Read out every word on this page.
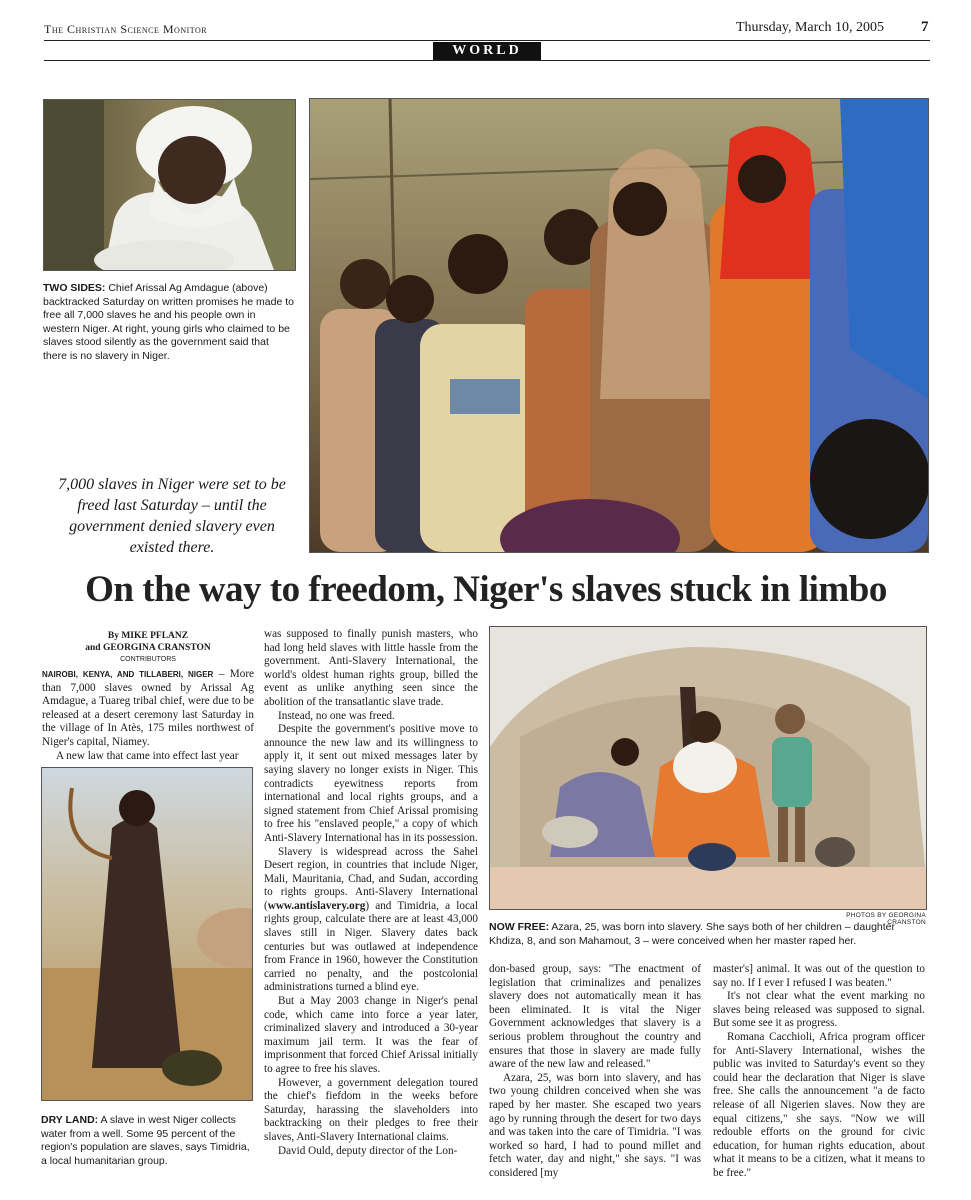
The Christian Science Monitor	Thursday, March 10, 2005 7
WORLD
TWO SIDES: Chief Arissal Ag Amdague (above) backtracked Saturday on written promises he made to free all 7,000 slaves he and his people own in western Niger. At right, young girls who claimed to be slaves stood silently as the government said that there is no slavery in Niger.
7,000 slaves in Niger were set to be freed last Saturday – until the government denied slavery even existed there.
On the way to freedom, Niger's slaves stuck in limbo
By MIKE PFLANZ
and GEORGINA CRANSTON
CONTRIBUTORS

NAIROBI, KENYA, AND TILLABERI, NIGER – More than 7,000 slaves owned by Arissal Ag Amdague, a Tuareg tribal chief, were due to be released at a desert ceremony last Saturday in the village of In Atès, 175 miles northwest of Niger's capital, Niamey.

A new law that came into effect last year

DRY LAND: A slave in west Niger collects water from a well. Some 95 percent of the region's population are slaves, says Timidria, a local humanitarian group.

was supposed to finally punish masters, who had long held slaves with little hassle from the government. Anti-Slavery International, the world's oldest human rights group, billed the event as unlike anything seen since the abolition of the transatlantic slave trade.

Instead, no one was freed.

Despite the government's positive move to announce the new law and its willingness to apply it, it sent out mixed messages later by saying slavery no longer exists in Niger. This contradicts eyewitness reports from international and local rights groups, and a signed statement from Chief Arissal promising to free his "enslaved people," a copy of which Anti-Slavery International has in its possession.

Slavery is widespread across the Sahel Desert region, in countries that include Niger, Mali, Mauritania, Chad, and Sudan, according to rights groups. Anti-Slavery International (www.antislavery.org) and Timidria, a local rights group, calculate there are at least 43,000 slaves still in Niger. Slavery dates back centuries but was outlawed at independence from France in 1960, however the Constitution carried no penalty, and the postcolonial administrations turned a blind eye.

But a May 2003 change in Niger's penal code, which came into force a year later, criminalized slavery and introduced a 30-year maximum jail term. It was the fear of imprisonment that forced Chief Arissal initially to agree to free his slaves.

However, a government delegation toured the chief's fiefdom in the weeks before Saturday, harassing the slaveholders into backtracking on their pledges to free their slaves, Anti-Slavery International claims.

David Ould, deputy director of the Lon-

PHOTOS BY GEORGINA CRANSTON
NOW FREE: Azara, 25, was born into slavery. She says both of her children – daughter Khdiza, 8, and son Mahamout, 3 – were conceived when her master raped her.

don-based group, says: "The enactment of legislation that criminalizes and penalizes slavery does not automatically mean it has been eliminated. It is vital the Niger Government acknowledges that slavery is a serious problem throughout the country and ensures that those in slavery are made fully aware of the new law and released."

Azara, 25, was born into slavery, and has two young children conceived when she was raped by her master. She escaped two years ago by running through the desert for two days and was taken into the care of Timidria. "I was worked so hard, I had to pound millet and fetch water, day and night," she says. "I was considered [my

master's] animal. It was out of the question to say no. If I ever I refused I was beaten."

It's not clear what the event marking no slaves being released was supposed to signal. But some see it as progress.

Romana Cacchioli, Africa program officer for Anti-Slavery International, wishes the public was invited to Saturday's event so they could hear the declaration that Niger is slave free. She calls the announcement "a de facto release of all Nigerien slaves. Now they are equal citizens," she says. "Now we will redouble efforts on the ground for civic education, for human rights education, about what it means to be a citizen, what it means to be free."
